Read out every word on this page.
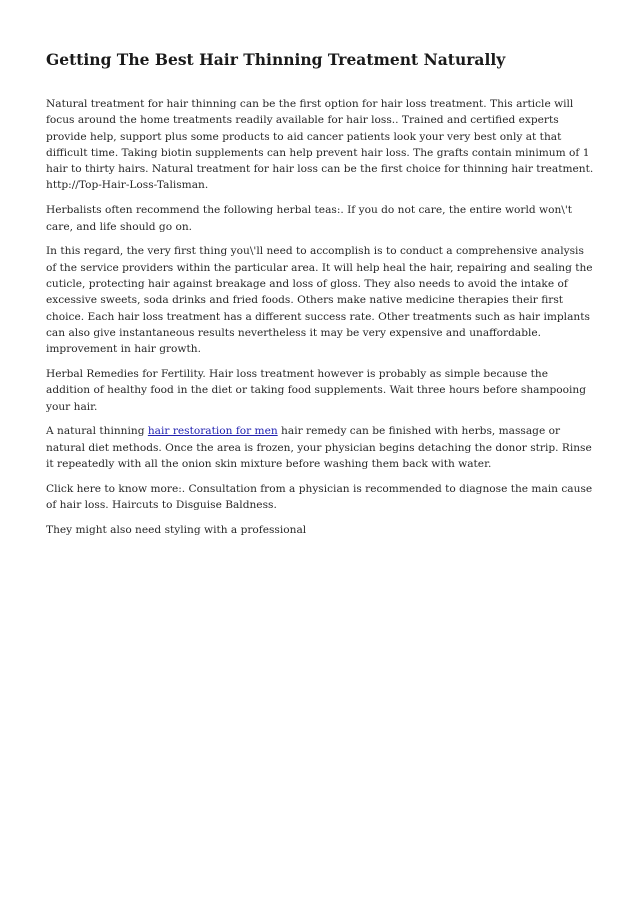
Getting The Best Hair Thinning Treatment Naturally

Natural treatment for hair thinning can be the first option for hair loss treatment. This article will focus around the home treatments readily available for hair loss.. Trained and certified experts provide help, support plus some products to aid cancer patients look your very best only at that difficult time. Taking biotin supplements can help prevent hair loss. The grafts contain minimum of 1 hair to thirty hairs. Natural treatment for hair loss can be the first choice for thinning hair treatment. http://Top-Hair-Loss-Talisman.

Herbalists often recommend the following herbal teas:. If you do not care, the entire world won\'t care, and life should go on.

In this regard, the very first thing you\'ll need to accomplish is to conduct a comprehensive analysis of the service providers within the particular area. It will help heal the hair, repairing and sealing the cuticle, protecting hair against breakage and loss of gloss. They also needs to avoid the intake of excessive sweets, soda drinks and fried foods. Others make native medicine therapies their first choice. Each hair loss treatment has a different success rate. Other treatments such as hair implants can also give instantaneous results nevertheless it may be very expensive and unaffordable. improvement in hair growth.

Herbal Remedies for Fertility. Hair loss treatment however is probably as simple because the addition of healthy food in the diet or taking food supplements. Wait three hours before shampooing your hair.

A natural thinning hair restoration for men hair remedy can be finished with herbs, massage or natural diet methods. Once the area is frozen, your physician begins detaching the donor strip. Rinse it repeatedly with all the onion skin mixture before washing them back with water.

Click here to know more:. Consultation from a physician is recommended to diagnose the main cause of hair loss. Haircuts to Disguise Baldness.

They might also need styling with a professional
